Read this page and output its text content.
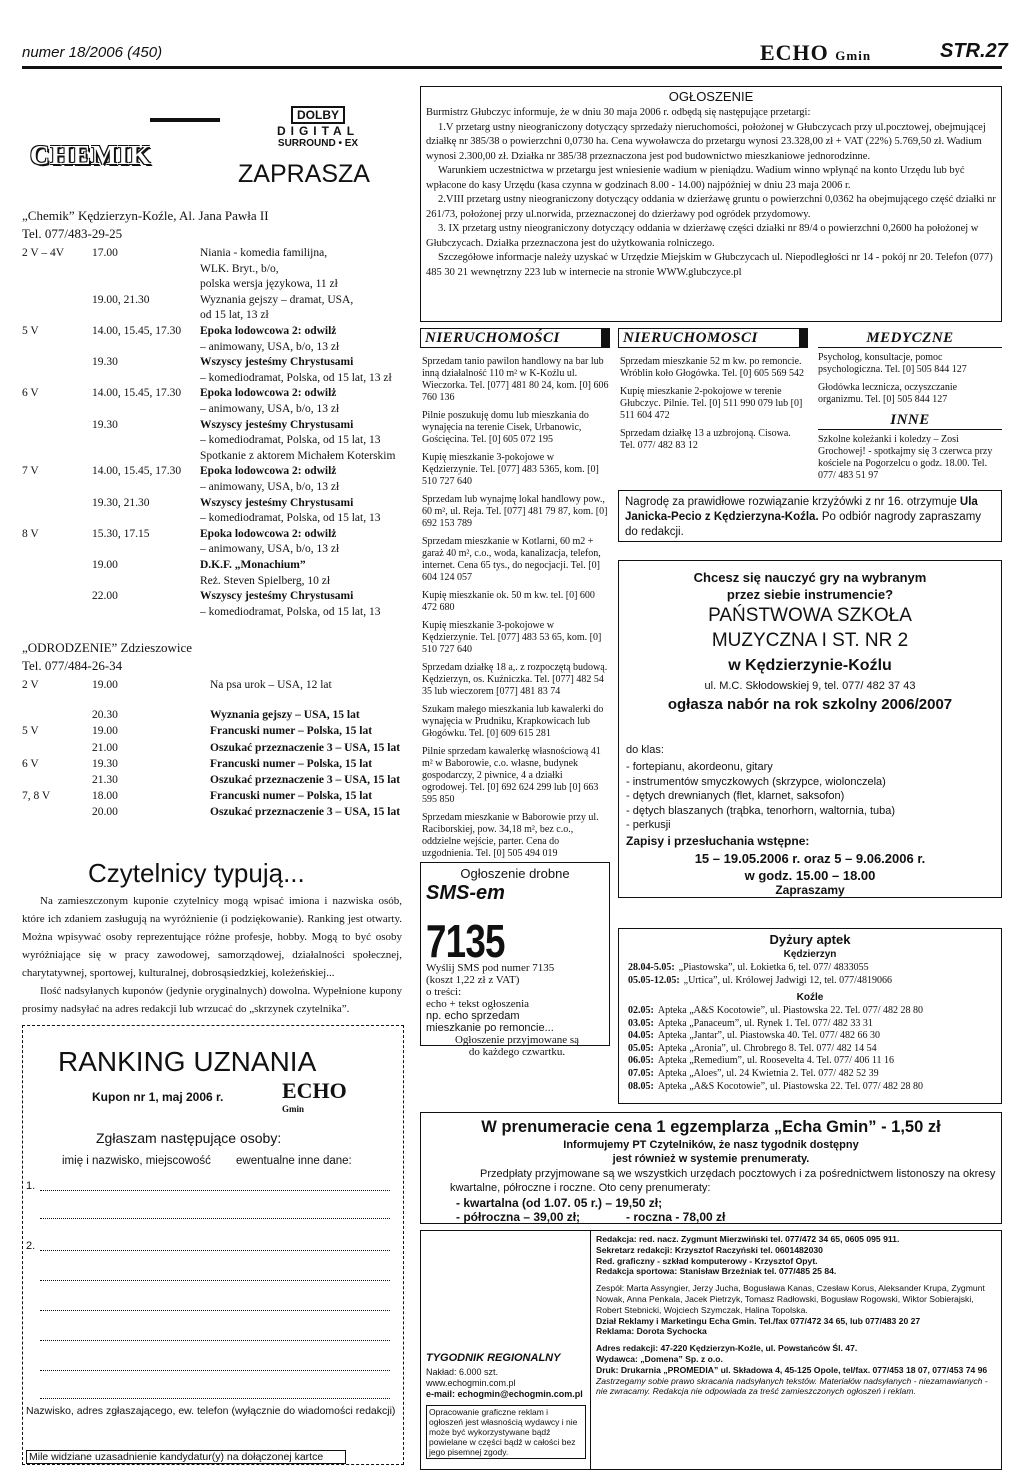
numer 18/2006 (450)	ECHO Gmin	STR.27
CHEMIK
DOLBY
DIGITAL
SURROUND • EX
ZAPRASZA
„Chemik” Kędzierzyn-Koźle, Al. Jana Pawła II
Tel. 077/483-29-25
2 V – 4V 17.00	Niania - komedia familijna,
WLK. Bryt., b/o,
polska wersja językowa, 11 zł
19.00, 21.30	Wyznania gejszy – dramat, USA,
od 15 lat, 13 zł
5 V	14.00, 15.45, 17.30 Epoka lodowcowa 2: odwilż
– animowany, USA, b/o, 13 zł
19.30	Wszyscy jesteśmy Chrystusami
– komediodramat, Polska, od 15 lat, 13 zł
6 V	14.00, 15.45, 17.30 Epoka lodowcowa 2: odwilż
– animowany, USA, b/o, 13 zł
19.30	Wszyscy jesteśmy Chrystusami
– komediodramat, Polska, od 15 lat, 13
Spotkanie z aktorem Michałem Koterskim
7 V	14.00, 15.45, 17.30 Epoka lodowcowa 2: odwilż
– animowany, USA, b/o, 13 zł
19.30, 21.30	Wszyscy jesteśmy Chrystusami
– komediodramat, Polska, od 15 lat, 13
8 V	15.30, 17.15	Epoka lodowcowa 2: odwilż
– animowany, USA, b/o, 13 zł
19.00	D.K.F. „Monachium”
Reż. Steven Spielberg, 10 zł
22.00	Wszyscy jesteśmy Chrystusami
– komediodramat, Polska, od 15 lat, 13
„ODRODZENIE” Zdzieszowice
Tel. 077/484-26-34
2 V	19.00	Na psa urok – USA, 12 lat
20.30	Wyznania gejszy – USA, 15 lat
5 V	19.00	Francuski numer – Polska, 15 lat
21.00	Oszukać przeznaczenie 3 – USA, 15 lat
6 V	19.30	Francuski numer – Polska, 15 lat
21.30	Oszukać przeznaczenie 3 – USA, 15 lat
7, 8 V	18.00	Francuski numer – Polska, 15 lat
20.00	Oszukać przeznaczenie 3 – USA, 15 lat
Czytelnicy typują...

Na zamieszczonym kuponie czytelnicy mogą wpisać imiona i nazwiska osób, które ich zdaniem zasługują na wyróżnienie (i podziękowanie). Ranking jest otwarty. Można wpisywać osoby reprezentujące różne profesje, hobby. Mogą to być osoby wyróżniające się w pracy zawodowej, samorządowej, działalności społecznej, charytatywnej, sportowej, kulturalnej, dobrosąsiedzkiej, koleżeńskiej...

Ilość nadsyłanych kuponów (jedynie oryginalnych) dowolna. Wypełnione kupony prosimy nadsyłać na adres redakcji lub wrzucać do „skrzynek czytelnika”.

RANKING UZNANIA
Kupon nr 1, maj 2006 r.	ECHO
Gmin
Zgłaszam następujące osoby:
imię i nazwisko, miejscowość ewentualne inne dane:
1.
2.
Nazwisko, adres zgłaszającego, ew. telefon (wyłącznie do wiadomości redakcji)
Mile widziane uzasadnienie kandydatur(y) na dołączonej kartce
OGŁOSZENIE

Burmistrz Głubczyc informuje, że w dniu 30 maja 2006 r. odbędą się następujące przetargi:

1.V przetarg ustny nieograniczony dotyczący sprzedaży nieruchomości, położonej w Głubczycach przy ul.pocztowej, obejmującej działkę nr 385/38 o powierzchni 0,0730 ha. Cena wywoławcza do przetargu wynosi 23.328,00 zł + VAT (22%) 5.769,50 zł. Wadium wynosi 2.300,00 zł. Działka nr 385/38 przeznaczona jest pod budownictwo mieszkaniowe jednorodzinne.

Warunkiem uczestnictwa w przetargu jest wniesienie wadium w pieniądzu. Wadium winno wpłynąć na konto Urzędu lub być wpłacone do kasy Urzędu (kasa czynna w godzinach 8.00 - 14.00) najpóźniej w dniu 23 maja 2006 r.

2.VIII przetarg ustny nieograniczony dotyczący oddania w dzierżawę gruntu o powierzchni 0,0362 ha obejmującego część działki nr 261/73, położonej przy ul.norwida, przeznaczonej do dzierżawy pod ogródek przydomowy.

3. IX przetarg ustny nieograniczony dotyczący oddania w dzierżawę części działki nr 89/4 o powierzchni 0,2600 ha położonej w Głubczycach. Działka przeznaczona jest do użytkowania rolniczego.

Szczegółowe informacje należy uzyskać w Urzędzie Miejskim w Głubczycach ul. Niepodległości nr 14 - pokój nr 20. Telefon (077) 485 30 21 wewnętrzny 223 lub w internecie na stronie WWW.glubczyce.pl

NIERUCHOMOŚCI

Sprzedam tanio pawilon handlowy na bar lub inną działalność 110 m² w K-Koźlu ul. Wieczorka. Tel. [077] 481 80 24, kom. [0] 606 760 136

Pilnie poszukuję domu lub mieszkania do wynajęcia na terenie Cisek, Urbanowic, Gościęcina. Tel. [0] 605 072 195

Kupię mieszkanie 3-pokojowe w Kędzierzynie. Tel. [077] 483 5365, kom. [0] 510 727 640

Sprzedam lub wynajmę lokal handlowy pow., 60 m², ul. Reja. Tel. [077] 481 79 87, kom. [0] 692 153 789

Sprzedam mieszkanie w Kotlarni, 60 m2 + garaż 40 m², c.o., woda, kanalizacja, telefon, internet. Cena 65 tys., do negocjacji. Tel. [0] 604 124 057

Kupię mieszkanie ok. 50 m kw. tel. [0] 600 472 680

Kupię mieszkanie 3-pokojowe w Kędzierzynie. Tel. [077] 483 53 65, kom. [0] 510 727 640

Sprzedam działkę 18 a,. z rozpoczętą budową. Kędzierzyn, os. Kuźniczka. Tel. [077] 482 54 35 lub wieczorem [077] 481 83 74

Szukam małego mieszkania lub kawalerki do wynajęcia w Prudniku, Krapkowicach lub Głogówku. Tel. [0] 609 615 281

Pilnie sprzedam kawalerkę własnościową 41 m² w Baborowie, c.o. własne, budynek gospodarczy, 2 piwnice, 4 a działki ogrodowej. Tel. [0] 692 624 299 lub [0] 663 595 850

Sprzedam mieszkanie w Baborowie przy ul. Raciborskiej, pow. 34,18 m², bez c.o., oddzielne wejście, parter. Cena do uzgodnienia. Tel. [0] 505 494 019

NIERUCHOMOSCI

Sprzedam mieszkanie 52 m kw. po remoncie. Wróblin koło Głogówka. Tel. [0] 605 569 542

Kupię mieszkanie 2-pokojowe w terenie Głubczyc. Pilnie. Tel. [0] 511 990 079 lub [0] 511 604 472

Sprzedam działkę 13 a uzbrojoną. Cisowa. Tel. 077/ 482 83 12

MEDYCZNE

Psycholog, konsultacje, pomoc psychologiczna. Tel. [0] 505 844 127

Głodówka lecznicza, oczyszczanie organizmu. Tel. [0] 505 844 127

INNE
Szkolne koleżanki i koledzy – Zosi Grochowej! - spotkajmy się 3 czerwca przy kościele na Pogorzelcu o godz. 18.00. Tel. 077/ 483 51 97
Nagrodę za prawidłowe rozwiązanie krzyżówki z nr 16. otrzymuje Ula Janicka-Pecio z Kędzierzyna-Koźla. Po odbiór nagrody zapraszamy do redakcji.
Chcesz się nauczyć gry na wybranym
przez siebie instrumencie?
PAŃSTWOWA SZKOŁA
MUZYCZNA I ST. NR 2
w Kędzierzynie-Koźlu
ul. M.C. Skłodowskiej 9, tel. 077/ 482 37 43
ogłasza nabór na rok szkolny 2006/2007
do klas:
- fortepianu, akordeonu, gitary
- instrumentów smyczkowych (skrzypce, wiolonczela)
- dętych drewnianych (flet, klarnet, saksofon)
- dętych blaszanych (trąbka, tenorhorn, waltornia, tuba)
- perkusji
Zapisy i przesłuchania wstępne:
15 – 19.05.2006 r. oraz 5 – 9.06.2006 r.
w godz. 15.00 – 18.00
Zapraszamy
Ogłoszenie drobne
SMS-em
7135
Wyślij SMS pod numer 7135
(koszt 1,22 zł z VAT)
o treści:
echo + tekst ogłoszenia
np. echo sprzedam
mieszkanie po remoncie...
Ogłoszenie przyjmowane są
do każdego czwartku.
Dyżury aptek
Kędzierzyn
28.04-5.05: „Piastowska”, ul. Łokietka 6, tel. 077/ 4833055
05.05-12.05: „Urtica”, ul. Królowej Jadwigi 12, tel. 077/4819066
Koźle
02.05: Apteka „A&S Kocotowie”, ul. Piastowska 22. Tel. 077/ 482 28 80
03.05: Apteka „Panaceum”, ul. Rynek 1. Tel. 077/ 482 33 31
04.05: Apteka „Jantar”, ul. Piastowska 40. Tel. 077/ 482 66 30
05.05: Apteka „Aronia”, ul. Chrobrego 8. Tel. 077/ 482 14 54
06.05: Apteka „Remedium”, ul. Roosevelta 4. Tel. 077/ 406 11 16
07.05: Apteka „Aloes”, ul. 24 Kwietnia 2. Tel. 077/ 482 52 39
08.05: Apteka „A&S Kocotowie”, ul. Piastowska 22. Tel. 077/ 482 28 80
W prenumeracie cena 1 egzemplarza „Echa Gmin” - 1,50 zł
Informujemy PT Czytelników, że nasz tygodnik dostępny
jest również w systemie prenumeraty.
Przedpłaty przyjmowane są we wszystkich urzędach pocztowych i za pośrednictwem listonoszy na okresy kwartalne, półroczne i roczne. Oto ceny prenumeraty:
- kwartalna (od 1.07. 05 r.) – 19,50 zł;
- półroczna – 39,00 zł;	- roczna - 78,00 zł
TYGODNIK REGIONALNY
Nakład: 6.000 szt.
www.echogmin.com.pl
e-mail: echogmin@echogmin.com.pl
Opracowanie graficzne reklam i ogłoszeń jest własnością wydawcy i nie może być wykorzystywane bądź powielane w części bądź w całości bez jego pisemnej zgody.
Redakcja: red. nacz. Zygmunt Mierzwiński tel. 077/472 34 65, 0605 095 911.
Sekretarz redakcji: Krzysztof Raczyński tel. 0601482030
Red. graficzny - szkład komputerowy - Krzysztof Opyt.
Redakcja sportowa: Stanisław Brzeźniak tel. 077/485 25 84.
Zespół: Marta Assyngier, Jerzy Jucha, Bogusława Kanas, Czesław Korus, Aleksander Krupa, Zygmunt Nowak, Anna Penkala, Jacek Pietrzyk, Tomasz Radłowski, Bogusław Rogowski, Wiktor Sobierajski, Robert Stebnicki, Wojciech Szymczak, Halina Topolska.
Dział Reklamy i Marketingu Echa Gmin. Tel./fax 077/472 34 65, lub 077/483 20 27
Reklama: Dorota Sychocka
Adres redakcji: 47-220 Kędzierzyn-Koźle, ul. Powstańców Śl. 47.
Wydawca: „Domena” Sp. z o.o.
Druk: Drukarnia „PROMEDIA” ul. Składowa 4, 45-125 Opole, tel/fax. 077/453 18 07, 077/453 74 96
Zastrzegamy sobie prawo skracania nadsyłanych tekstów. Materiałów nadsyłanych - niezamawianych - nie zwracamy. Redakcja nie odpowiada za treść zamieszczonych ogłoszeń i reklam.
